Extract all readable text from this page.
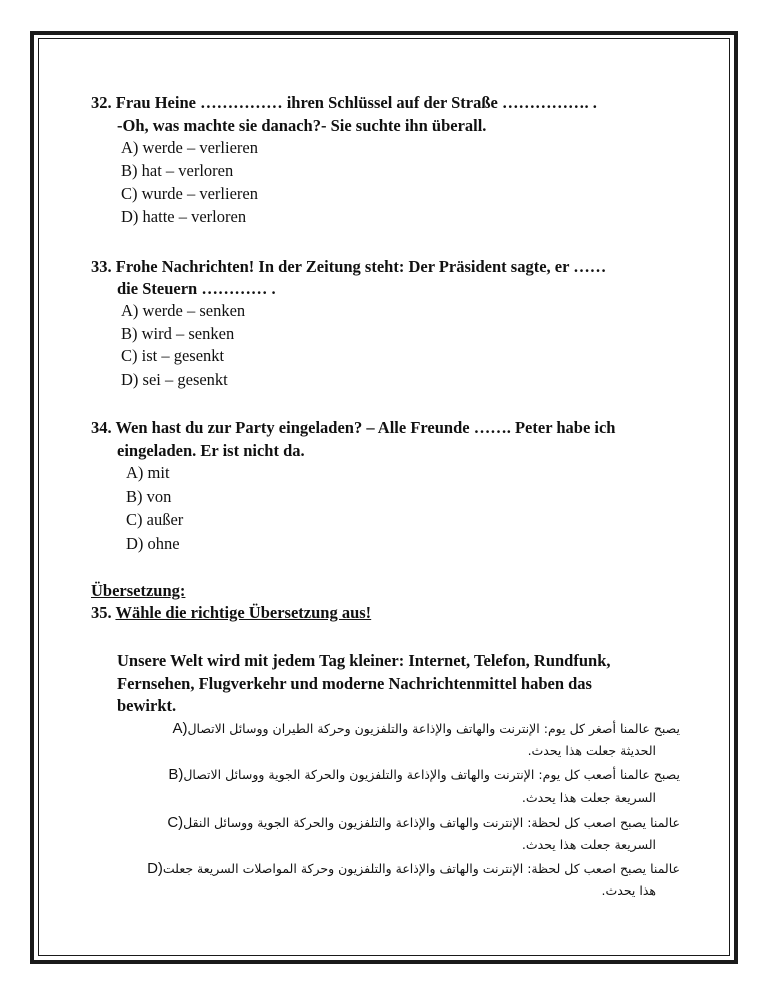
32. Frau Heine …………… ihren Schlüssel auf der Straße ……………. .
-Oh, was machte sie danach?- Sie suchte ihn überall.
A) werde – verlieren
B) hat – verloren
C) wurde – verlieren
D) hatte – verloren
33. Frohe Nachrichten! In der Zeitung steht: Der Präsident sagte, er ……
die Steuern ………… .
A) werde – senken
B) wird – senken
C) ist – gesenkt
D) sei – gesenkt
34. Wen hast du zur Party eingeladen? – Alle Freunde ……. Peter habe ich
eingeladen. Er ist nicht da.
A) mit
B) von
C) außer
D) ohne
Übersetzung:
35. Wähle die richtige Übersetzung aus!
Unsere Welt wird mit jedem Tag kleiner: Internet, Telefon, Rundfunk,
Fernsehen, Flugverkehr und moderne Nachrichtenmittel haben das
bewirkt.
A)يصبح عالمنا أصغر كل يوم: الإنترنت والهاتف والإذاعة والتلفزيون وحركة الطيران ووسائل الاتصال
الحديثة جعلت هذا يحدث.
B)يصبح عالمنا أصعب كل يوم: الإنترنت والهاتف والإذاعة والتلفزيون والحركة الجوية ووسائل الاتصال
السريعة جعلت هذا يحدث.
C)عالمنا يصبح اصعب كل لحظة: الإنترنت والهاتف والإذاعة والتلفزيون والحركة الجوية ووسائل النقل
السريعة جعلت هذا يحدث.
D)عالمنا يصبح اصعب كل لحظة: الإنترنت والهاتف والإذاعة والتلفزيون وحركة المواصلات السريعة جعلت
هذا يحدث.
